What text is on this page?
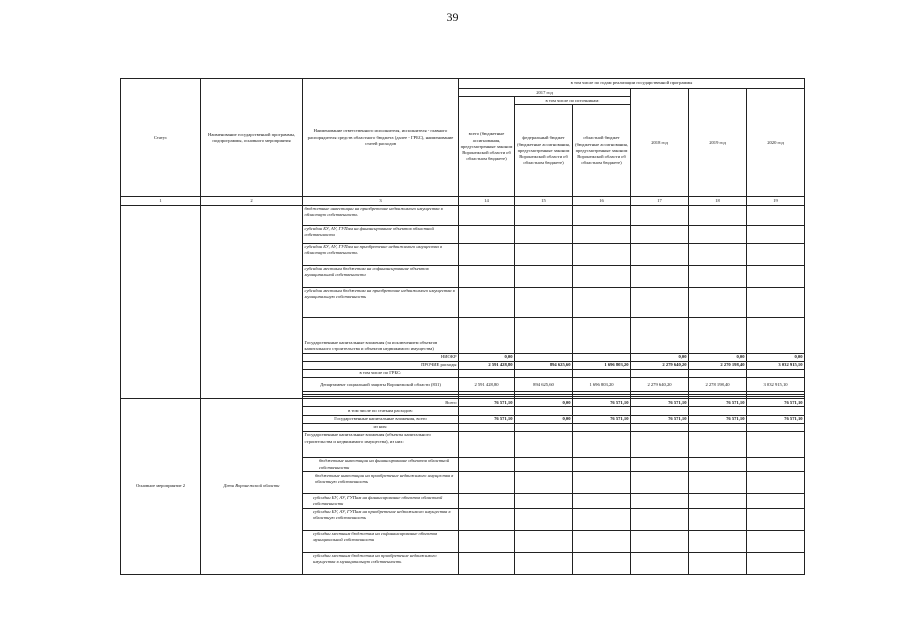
39
Статус	Наименование государственной программы, подпрограммы, основного мероприятия	Наименование ответственного исполнителя, исполнителя - главного распорядителя средств областного бюджета (далее - ГРБС), наименование статей расходов	в том числе по годам реализации государственной программы					
			2017 год			2018 год	2019 год	2020 год
			всего (бюджетные ассигнования, предусмотренные законом Воронежской области об областном бюджете)	в том числе по источникам:				
				федеральный бюджет (бюджетные ассигнования, предусмотренные законом Воронежской области об областном бюджете)	областной бюджет (бюджетные ассигнования, предусмотренные законом Воронежской области об областном бюджете)			
1	2	3	14	15	16	17	18	19
		бюджетные инвестиции на приобретение недвижимого имущества в областную собственность						
		субсидии БУ, АУ, ГУПам на финансирование объектов областной собственности						
		субсидии БУ, АУ, ГУПам на приобретение недвижимого имущества в областную собственность						
		субсидии местным бюджетам на софинансирование объектов муниципальной собственности						
		субсидии местным бюджетам на приобретение недвижимого имущества в муниципальную собственность						
		Государственные капитальные вложения (за исключением объектов капитального строительства и объектов недвижимого имущества)						
		НИОКР	0,00			0,00	0,00	0,00
		ПРОЧИЕ расходы	2 591 428,80	894 625,60	1 696 803,20	2 279 640,20	2 270 198,40	3 032 915,10
		в том числе по ГРБС:						
		Департамент социальной защиты Воронежской области (831)	2 591 428,80	894 625,60	1 696 803,20	2 279 640,20	2 278 198,40	3 032 915,10

Основное мероприятие 2	Дети Воронежской области	Всего	76 571,10	0,00	76 571,10	76 571,10	76 571,10	76 571,10
		в том числе по статьям расходов:						
		Государственные капитальные вложения, всего	76 571,10	0,00	76 571,10	76 571,10	76 571,10	76 571,10
		из них:						
		Государственные капитальные вложения (объекты капитального строительства и недвижимого имущества), из них:						
		бюджетные инвестиции на финансирование объектов областной собственности						
		бюджетные инвестиции на приобретение недвижимого имущества в областную собственность						
		субсидии БУ, АУ, ГУПам на финансирование объектов областной собственности						
		субсидии БУ, АУ, ГУПам на приобретение недвижимого имущества в областную собственность						
		субсидии местным бюджетам на софинансирование объектов муниципальной собственности						
		субсидии местным бюджетам на приобретение недвижимого имущества в муниципальную собственность						
